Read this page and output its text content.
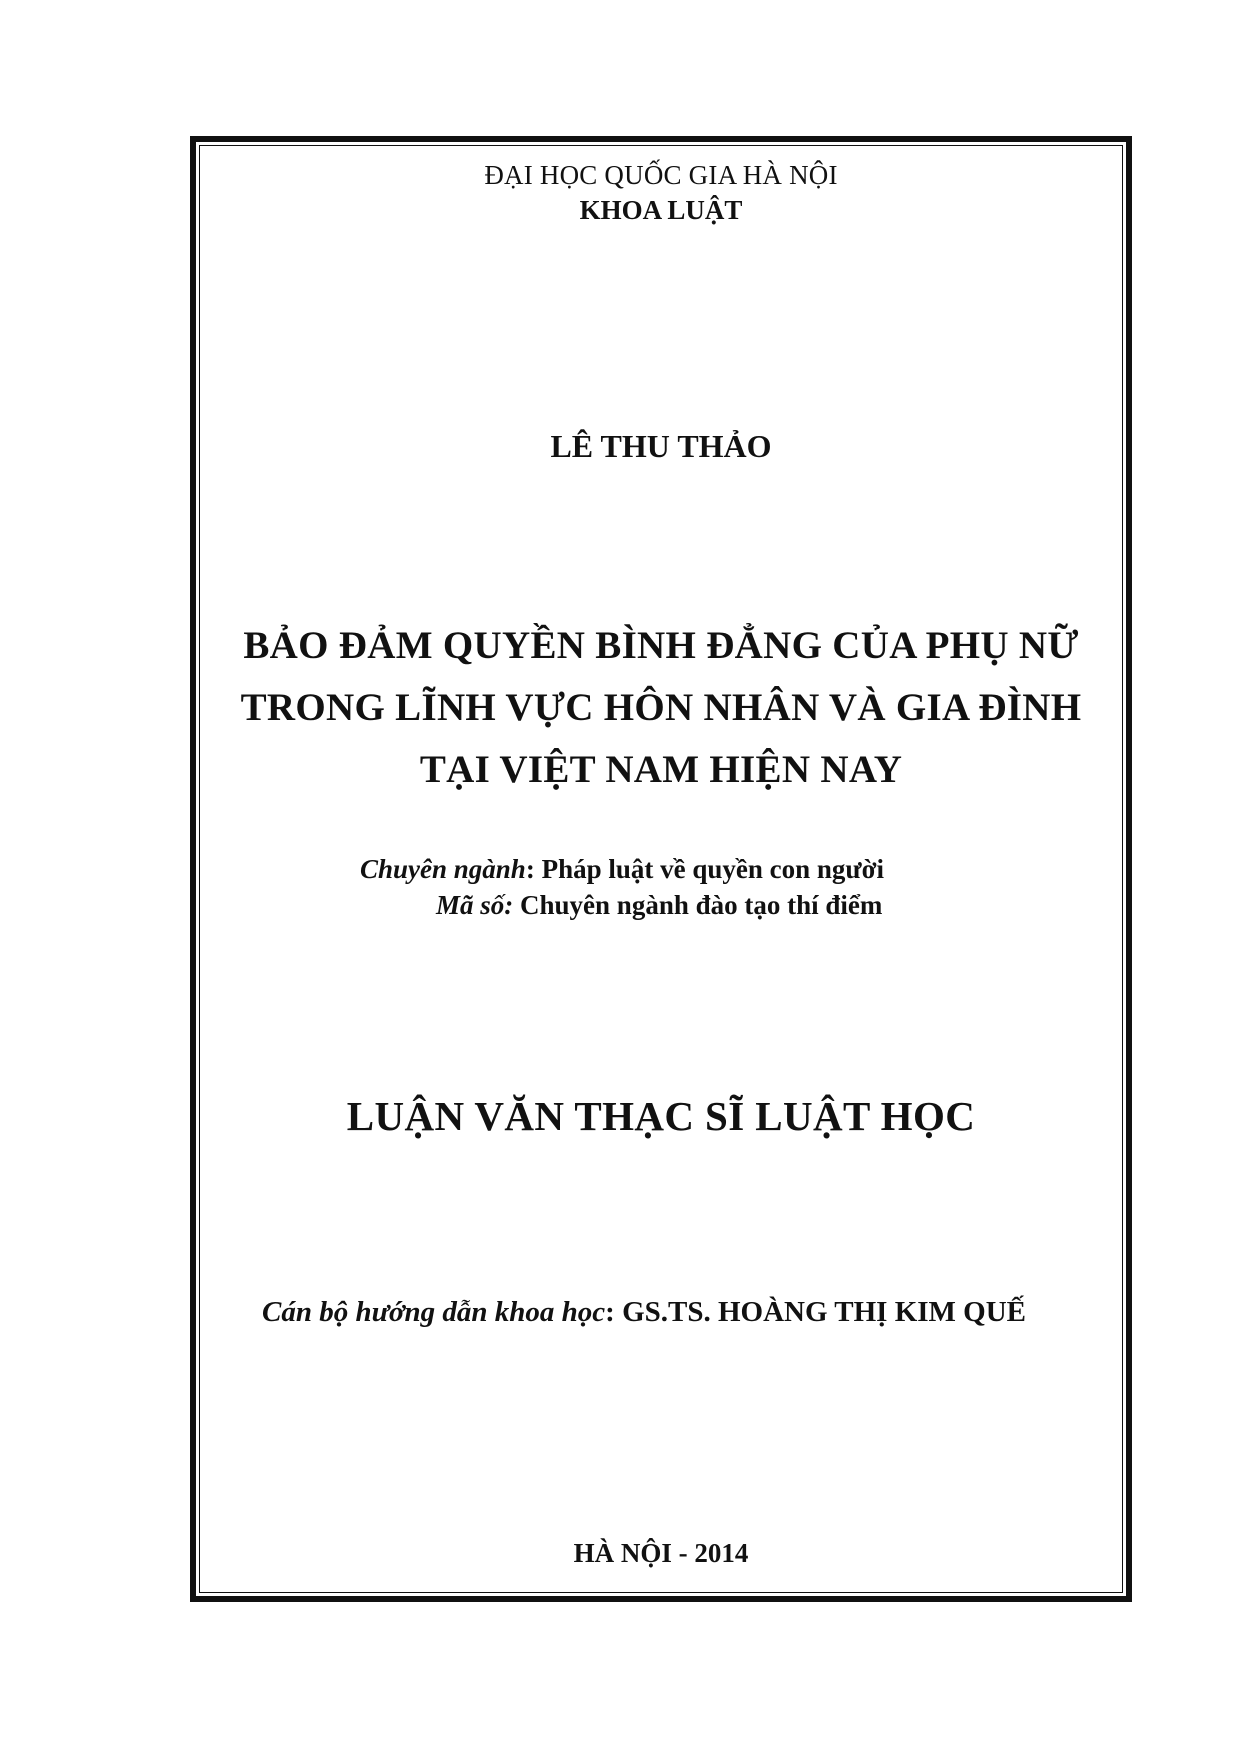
ĐẠI HỌC QUỐC GIA HÀ NỘI
KHOA LUẬT
LÊ THU THẢO
BẢO ĐẢM QUYỀN BÌNH ĐẲNG CỦA PHỤ NỮ
TRONG LĨNH VỰC HÔN NHÂN VÀ GIA ĐÌNH
TẠI VIỆT NAM HIỆN NAY
Chuyên ngành: Pháp luật về quyền con người
Mã số: Chuyên ngành đào tạo thí điểm
LUẬN VĂN THẠC SĨ LUẬT HỌC
Cán bộ hướng dẫn khoa học: GS.TS. HOÀNG THỊ KIM QUẾ
HÀ NỘI - 2014
